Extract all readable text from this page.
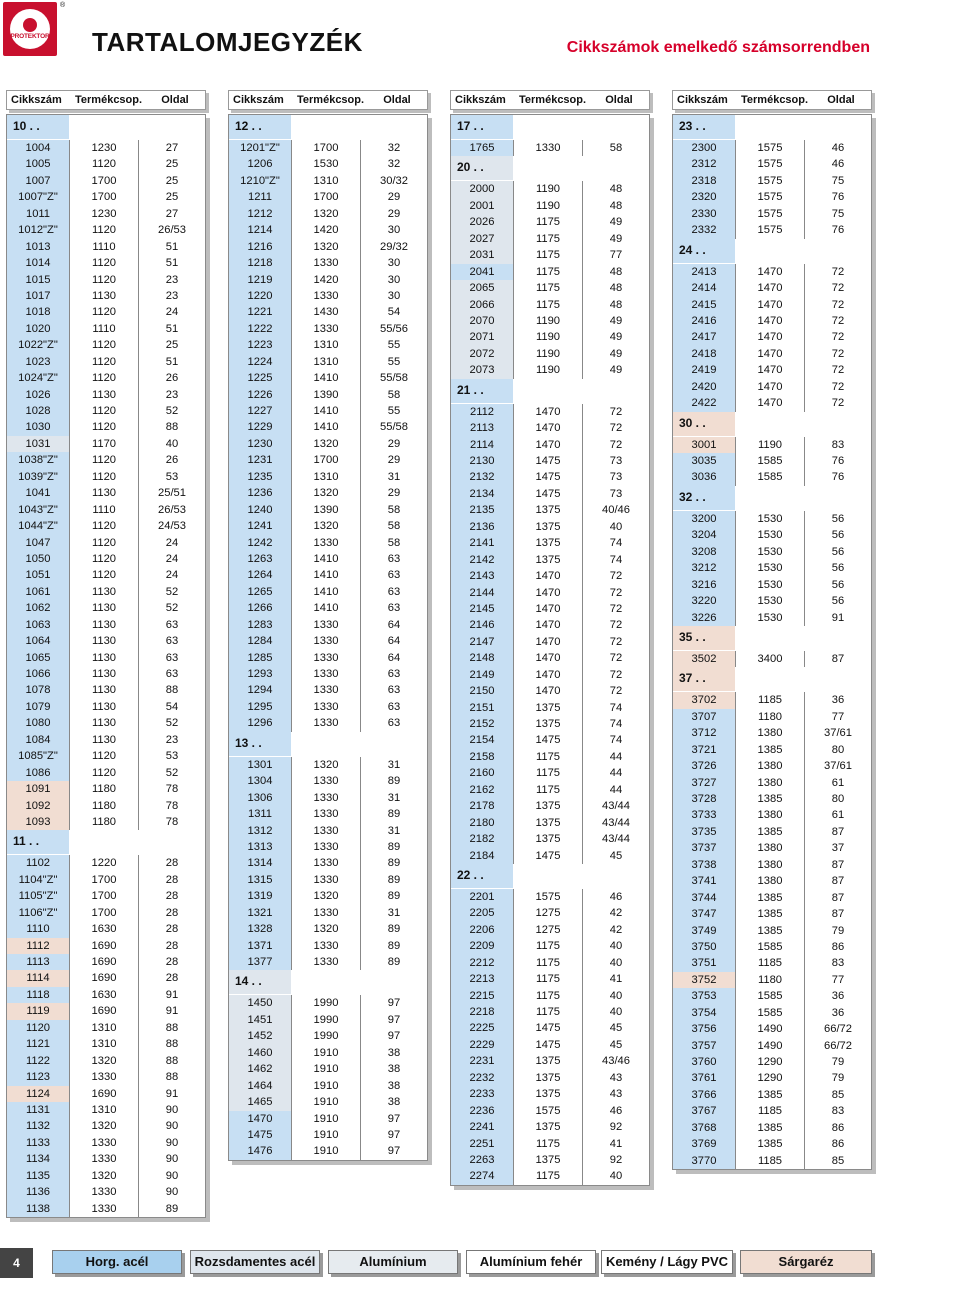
PROTEKTOR
®
TARTALOMJEGYZÉK	Cikkszámok emelkedő számsorrendben
Cikkszám	Termékcsop.	Oldal
10 . .
1004	1230	27
1005	1120	25
1007	1700	25
1007"Z"	1700	25
1011	1230	27
1012"Z"	1120	26/53
1013	1110	51
1014	1120	51
1015	1120	23
1017	1130	23
1018	1120	24
1020	1110	51
1022"Z"	1120	25
1023	1120	51
1024"Z"	1120	26
1026	1130	23
1028	1120	52
1030	1120	88
1031	1170	40
1038"Z"	1120	26
1039"Z"	1120	53
1041	1130	25/51
1043"Z"	1110	26/53
1044"Z"	1120	24/53
1047	1120	24
1050	1120	24
1051	1120	24
1061	1130	52
1062	1130	52
1063	1130	63
1064	1130	63
1065	1130	63
1066	1130	63
1078	1130	88
1079	1130	54
1080	1130	52
1084	1130	23
1085"Z"	1120	53
1086	1120	52
1091	1180	78
1092	1180	78
1093	1180	78
11 . .
1102	1220	28
1104"Z"	1700	28
1105"Z"	1700	28
1106"Z"	1700	28
1110	1630	28
1112	1690	28
1113	1690	28
1114	1690	28
1118	1630	91
1119	1690	91
1120	1310	88
1121	1310	88
1122	1320	88
1123	1330	88
1124	1690	91
1131	1310	90
1132	1320	90
1133	1330	90
1134	1330	90
1135	1320	90
1136	1330	90
1138	1330	89
Cikkszám	Termékcsop.	Oldal
12 . .
1201"Z"	1700	32
1206	1530	32
1210"Z"	1310	30/32
1211	1700	29
1212	1320	29
1214	1420	30
1216	1320	29/32
1218	1330	30
1219	1420	30
1220	1330	30
1221	1430	54
1222	1330	55/56
1223	1310	55
1224	1310	55
1225	1410	55/58
1226	1390	58
1227	1410	55
1229	1410	55/58
1230	1320	29
1231	1700	29
1235	1310	31
1236	1320	29
1240	1390	58
1241	1320	58
1242	1330	58
1263	1410	63
1264	1410	63
1265	1410	63
1266	1410	63
1283	1330	64
1284	1330	64
1285	1330	64
1293	1330	63
1294	1330	63
1295	1330	63
1296	1330	63
13 . .
1301	1320	31
1304	1330	89
1306	1330	31
1311	1330	89
1312	1330	31
1313	1330	89
1314	1330	89
1315	1330	89
1319	1320	89
1321	1330	31
1328	1320	89
1371	1330	89
1377	1330	89
14 . .
1450	1990	97
1451	1990	97
1452	1990	97
1460	1910	38
1462	1910	38
1464	1910	38
1465	1910	38
1470	1910	97
1475	1910	97
1476	1910	97
Cikkszám	Termékcsop.	Oldal
17 . .
1765	1330	58
20 . .
2000	1190	48
2001	1190	48
2026	1175	49
2027	1175	49
2031	1175	77
2041	1175	48
2065	1175	48
2066	1175	48
2070	1190	49
2071	1190	49
2072	1190	49
2073	1190	49
21 . .
2112	1470	72
2113	1470	72
2114	1470	72
2130	1475	73
2132	1475	73
2134	1475	73
2135	1375	40/46
2136	1375	40
2141	1375	74
2142	1375	74
2143	1470	72
2144	1470	72
2145	1470	72
2146	1470	72
2147	1470	72
2148	1470	72
2149	1470	72
2150	1470	72
2151	1375	74
2152	1375	74
2154	1475	74
2158	1175	44
2160	1175	44
2162	1175	44
2178	1375	43/44
2180	1375	43/44
2182	1375	43/44
2184	1475	45
22 . .
2201	1575	46
2205	1275	42
2206	1275	42
2209	1175	40
2212	1175	40
2213	1175	41
2215	1175	40
2218	1175	40
2225	1475	45
2229	1475	45
2231	1375	43/46
2232	1375	43
2233	1375	43
2236	1575	46
2241	1375	92
2251	1175	41
2263	1375	92
2274	1175	40
Cikkszám	Termékcsop.	Oldal
23 . .
2300	1575	46
2312	1575	46
2318	1575	75
2320	1575	76
2330	1575	75
2332	1575	76
24 . .
2413	1470	72
2414	1470	72
2415	1470	72
2416	1470	72
2417	1470	72
2418	1470	72
2419	1470	72
2420	1470	72
2422	1470	72
30 . .
3001	1190	83
3035	1585	76
3036	1585	76
32 . .
3200	1530	56
3204	1530	56
3208	1530	56
3212	1530	56
3216	1530	56
3220	1530	56
3226	1530	91
35 . .
3502	3400	87
37 . .
3702	1185	36
3707	1180	77
3712	1380	37/61
3721	1385	80
3726	1380	37/61
3727	1380	61
3728	1385	80
3733	1380	61
3735	1385	87
3737	1380	37
3738	1380	87
3741	1380	87
3744	1385	87
3747	1385	87
3749	1385	79
3750	1585	86
3751	1185	83
3752	1180	77
3753	1585	36
3754	1585	36
3756	1490	66/72
3757	1490	66/72
3760	1290	79
3761	1290	79
3766	1385	85
3767	1185	83
3768	1385	86
3769	1385	86
3770	1185	85
4	Horg. acél	Rozsdamentes acél	Alumínium	Alumínium fehér	Kemény / Lágy PVC	Sárgaréz
